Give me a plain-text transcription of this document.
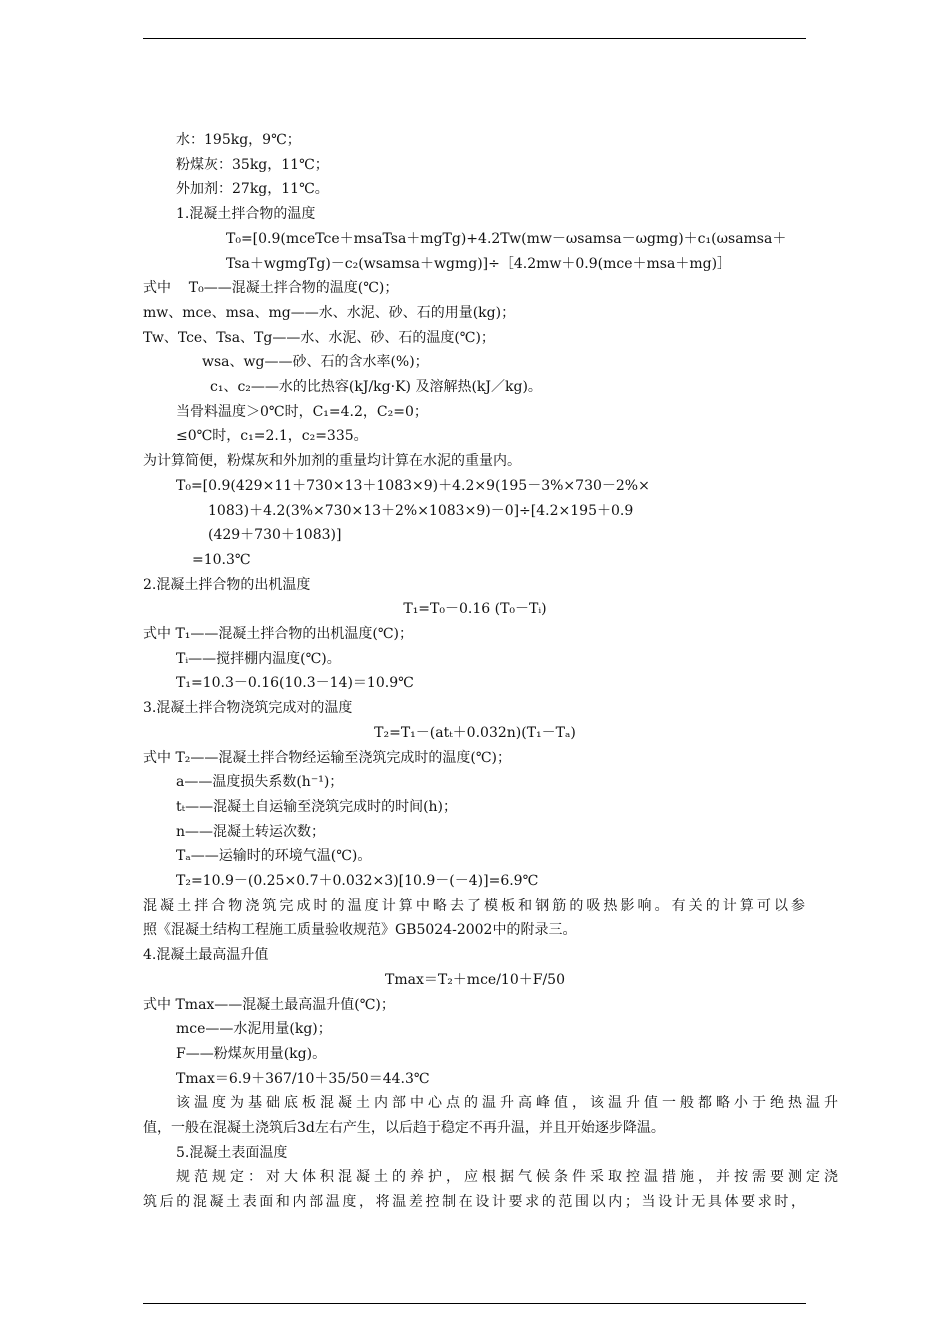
水：195kg，9℃；
粉煤灰：35kg，11℃；
外加剂：27kg，11℃。
1.混凝土拌合物的温度
T₀=[0.9(mceTce＋msaTsa＋mgTg)+4.2Tw(mw－ωsamsa－ωgmg)＋c₁(ωsamsa＋
Tsa＋wgmgTg)－c₂(wsamsa＋wgmg)]÷［4.2mw＋0.9(mce＋msa＋mg)］
式中    T₀——混凝土拌合物的温度(℃)；
mw、mce、msa、mg——水、水泥、砂、石的用量(kg)；
Tw、Tce、Tsa、Tg——水、水泥、砂、石的温度(℃)；
wsa、wg——砂、石的含水率(%)；
c₁、c₂——水的比热容(kJ/kg·K) 及溶解热(kJ／kg)。
当骨料温度＞0℃时，C₁=4.2，C₂=0；
≤0℃时，c₁=2.1，c₂=335。
为计算简便，粉煤灰和外加剂的重量均计算在水泥的重量内。
T₀=[0.9(429×11＋730×13＋1083×9)＋4.2×9(195－3%×730－2%×
1083)＋4.2(3%×730×13＋2%×1083×9)－0]÷[4.2×195＋0.9
(429＋730＋1083)]
=10.3℃
2.混凝土拌合物的出机温度
T₁=T₀－0.16 (T₀－Tᵢ)
式中 T₁——混凝土拌合物的出机温度(℃)；
Tᵢ——搅拌棚内温度(℃)。
T₁=10.3－0.16(10.3－14)＝10.9℃
3.混凝土拌合物浇筑完成对的温度
T₂=T₁－(atₜ＋0.032n)(T₁－Tₐ)
式中 T₂——混凝土拌合物经运输至浇筑完成时的温度(℃)；
a——温度损失系数(h⁻¹)；
tₜ——混凝土自运输至浇筑完成时的时间(h)；
n——混凝土转运次数；
Tₐ——运输时的环境气温(℃)。
T₂=10.9－(0.25×0.7＋0.032×3)[10.9－(－4)]=6.9℃
混凝土拌合物浇筑完成时的温度计算中略去了模板和钢筋的吸热影响。有关的计算可以参
照《混凝土结构工程施工质量验收规范》GB5024-2002中的附录三。
4.混凝土最高温升值
Tmax＝T₂＋mce/10＋F/50
式中 Tmax——混凝土最高温升值(℃)；
mce——水泥用量(kg)；
F——粉煤灰用量(kg)。
Tmax＝6.9＋367/10＋35/50＝44.3℃
该温度为基础底板混凝土内部中心点的温升高峰值，该温升值一般都略小于绝热温升
值，一般在混凝土浇筑后3d左右产生，以后趋于稳定不再升温，并且开始逐步降温。
5.混凝土表面温度
规范规定：对大体积混凝土的养护，应根据气候条件采取控温措施，并按需要测定浇
筑后的混凝土表面和内部温度，将温差控制在设计要求的范围以内；当设计无具体要求时，
